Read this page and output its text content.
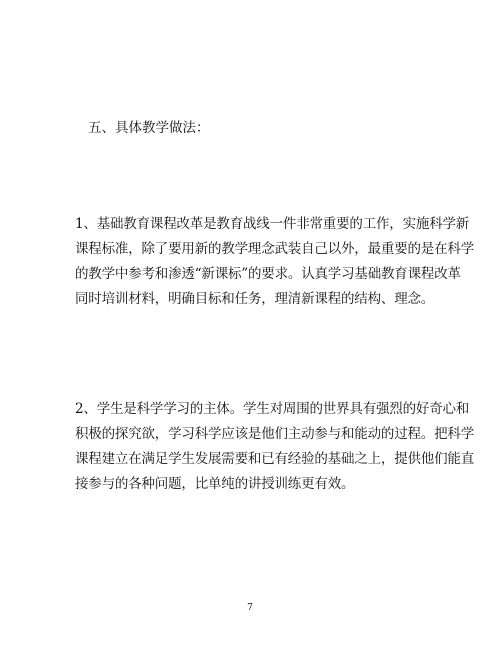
五、具体教学做法：
1、基础教育课程改革是教育战线一件非常重要的工作，实施科学新
课程标准，除了要用新的教学理念武装自己以外，最重要的是在科学
的教学中参考和渗透“新课标”的要求。认真学习基础教育课程改革
同时培训材料，明确目标和任务，理清新课程的结构、理念。
2、学生是科学学习的主体。学生对周围的世界具有强烈的好奇心和
积极的探究欲，学习科学应该是他们主动参与和能动的过程。把科学
课程建立在满足学生发展需要和已有经验的基础之上，提供他们能直
接参与的各种问题，比单纯的讲授训练更有效。
7
